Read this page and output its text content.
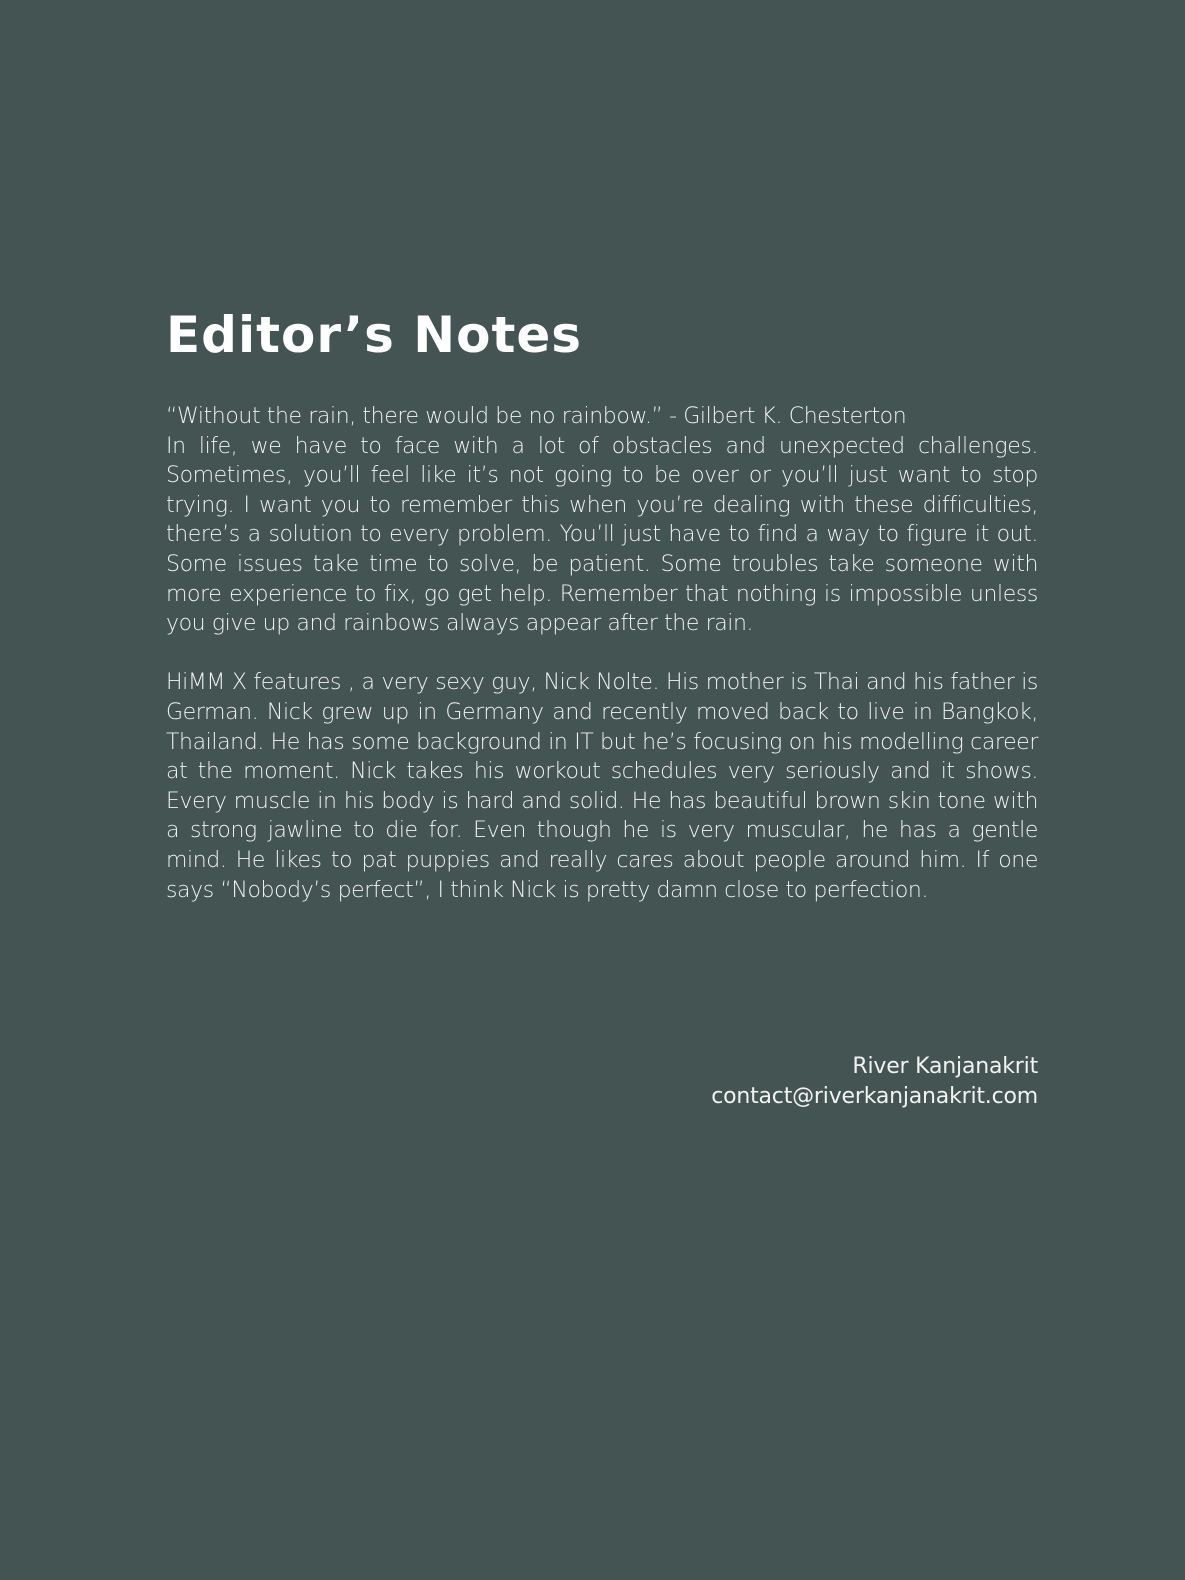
Editor’s Notes

“Without the rain, there would be no rainbow.” - Gilbert K. Chesterton
In life, we have to face with a lot of obstacles and unexpected challenges. Sometimes, you’ll feel like it’s not going to be over or you’ll just want to stop trying. I want you to remember this when you’re dealing with these difficulties, there’s a solution to every problem. You’ll just have to find a way to figure it out. Some issues take time to solve, be patient. Some troubles take someone with more experience to fix, go get help. Remember that nothing is impossible unless you give up and rainbows always appear after the rain.

HiMM X features , a very sexy guy, Nick Nolte. His mother is Thai and his father is German. Nick grew up in Germany and recently moved back to live in Bangkok, Thailand. He has some background in IT but he’s focusing on his modelling career at the moment. Nick takes his workout schedules very seriously and it shows. Every muscle in his body is hard and solid. He has beautiful brown skin tone with a strong jawline to die for. Even though he is very muscular, he has a gentle mind. He likes to pat puppies and really cares about people around him. If one says “Nobody’s perfect”, I think Nick is pretty damn close to perfection.

River Kanjanakrit
contact@riverkanjanakrit.com
